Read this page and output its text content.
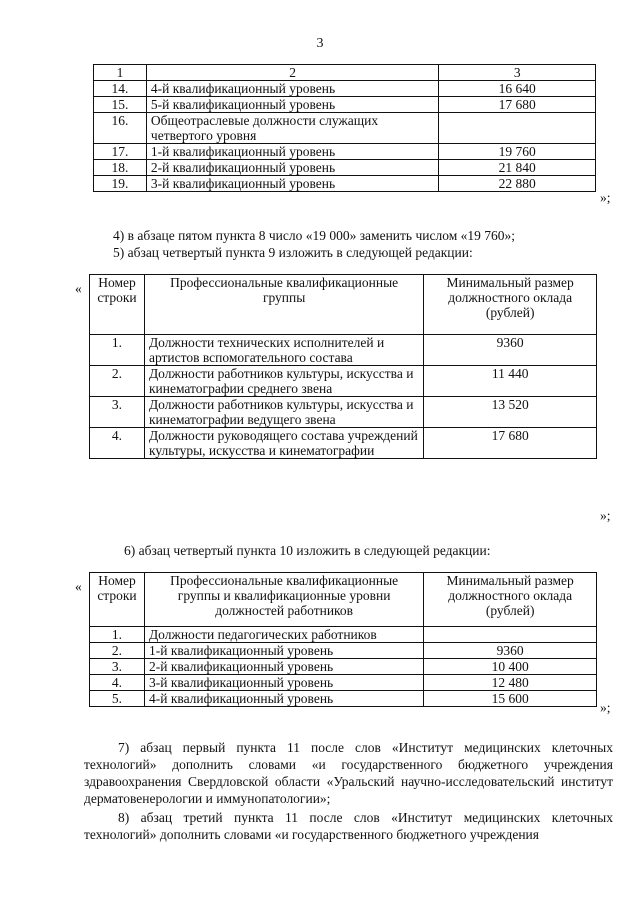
3
1	2	3
14.	4-й квалификационный уровень	16 640
15.	5-й квалификационный уровень	17 680
16.	Общеотраслевые должности служащих четвертого уровня	
17.	1-й квалификационный уровень	19 760
18.	2-й квалификационный уровень	21 840
19.	3-й квалификационный уровень	22 880
»;

4) в абзаце пятом пункта 8 число «19 000» заменить числом «19 760»;

5) абзац четвертый пункта 9 изложить в следующей редакции:

« Номер строки	Профессиональные квалификационные группы	Минимальный размер должностного оклада (рублей)
1.	Должности технических исполнителей и артистов вспомогательного состава	9360
2.	Должности работников культуры, искусства и кинематографии среднего звена	11 440
3.	Должности работников культуры, искусства и кинематографии ведущего звена	13 520
4.	Должности руководящего состава учреждений культуры, искусства и кинематографии	17 680
»;

6) абзац четвертый пункта 10 изложить в следующей редакции:

« Номер строки	Профессиональные квалификационные группы и квалификационные уровни должностей работников	Минимальный размер должностного оклада (рублей)
1.	Должности педагогических работников	
2.	1-й квалификационный уровень	9360
3.	2-й квалификационный уровень	10 400
4.	3-й квалификационный уровень	12 480
5.	4-й квалификационный уровень	15 600
»;

7) абзац первый пункта 11 после слов «Институт медицинских клеточных технологий» дополнить словами «и государственного бюджетного учреждения здравоохранения Свердловской области «Уральский научно-исследовательский институт дерматовенерологии и иммунопатологии»;

8) абзац третий пункта 11 после слов «Институт медицинских клеточных технологий» дополнить словами «и государственного бюджетного учреждения
